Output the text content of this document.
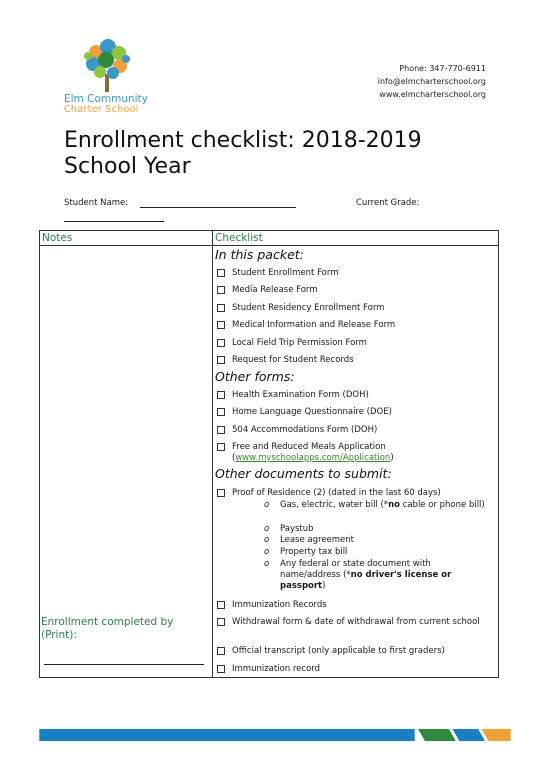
Elm Community
Charter School
Phone: 347-770-6911
info@elmcharterschool.org
www.elmcharterschool.org
Enrollment checklist: 2018-2019 School Year
Student Name:	Current Grade:
Notes	Checklist
In this packet:
Student Enrollment Form
Media Release Form
Student Residency Enrollment Form
Medical Information and Release Form
Local Field Trip Permission Form
Request for Student Records
Other forms:
Health Examination Form (DOH)
Home Language Questionnaire (DOE)
504 Accommodations Form (DOH)
Free and Reduced Meals Application
(www.myschoolapps.com/Application)
Other documents to submit:
Proof of Residence (2) (dated in the last 60 days)
o Gas, electric, water bill (*no cable or phone bill)
o Paystub
o Lease agreement
o Property tax bill
o Any federal or state document with name/address (*no driver's license or passport)
Immunization Records
Withdrawal form & date of withdrawal from current school
Official transcript (only applicable to first graders)
Immunization record
Enrollment completed by (Print):
